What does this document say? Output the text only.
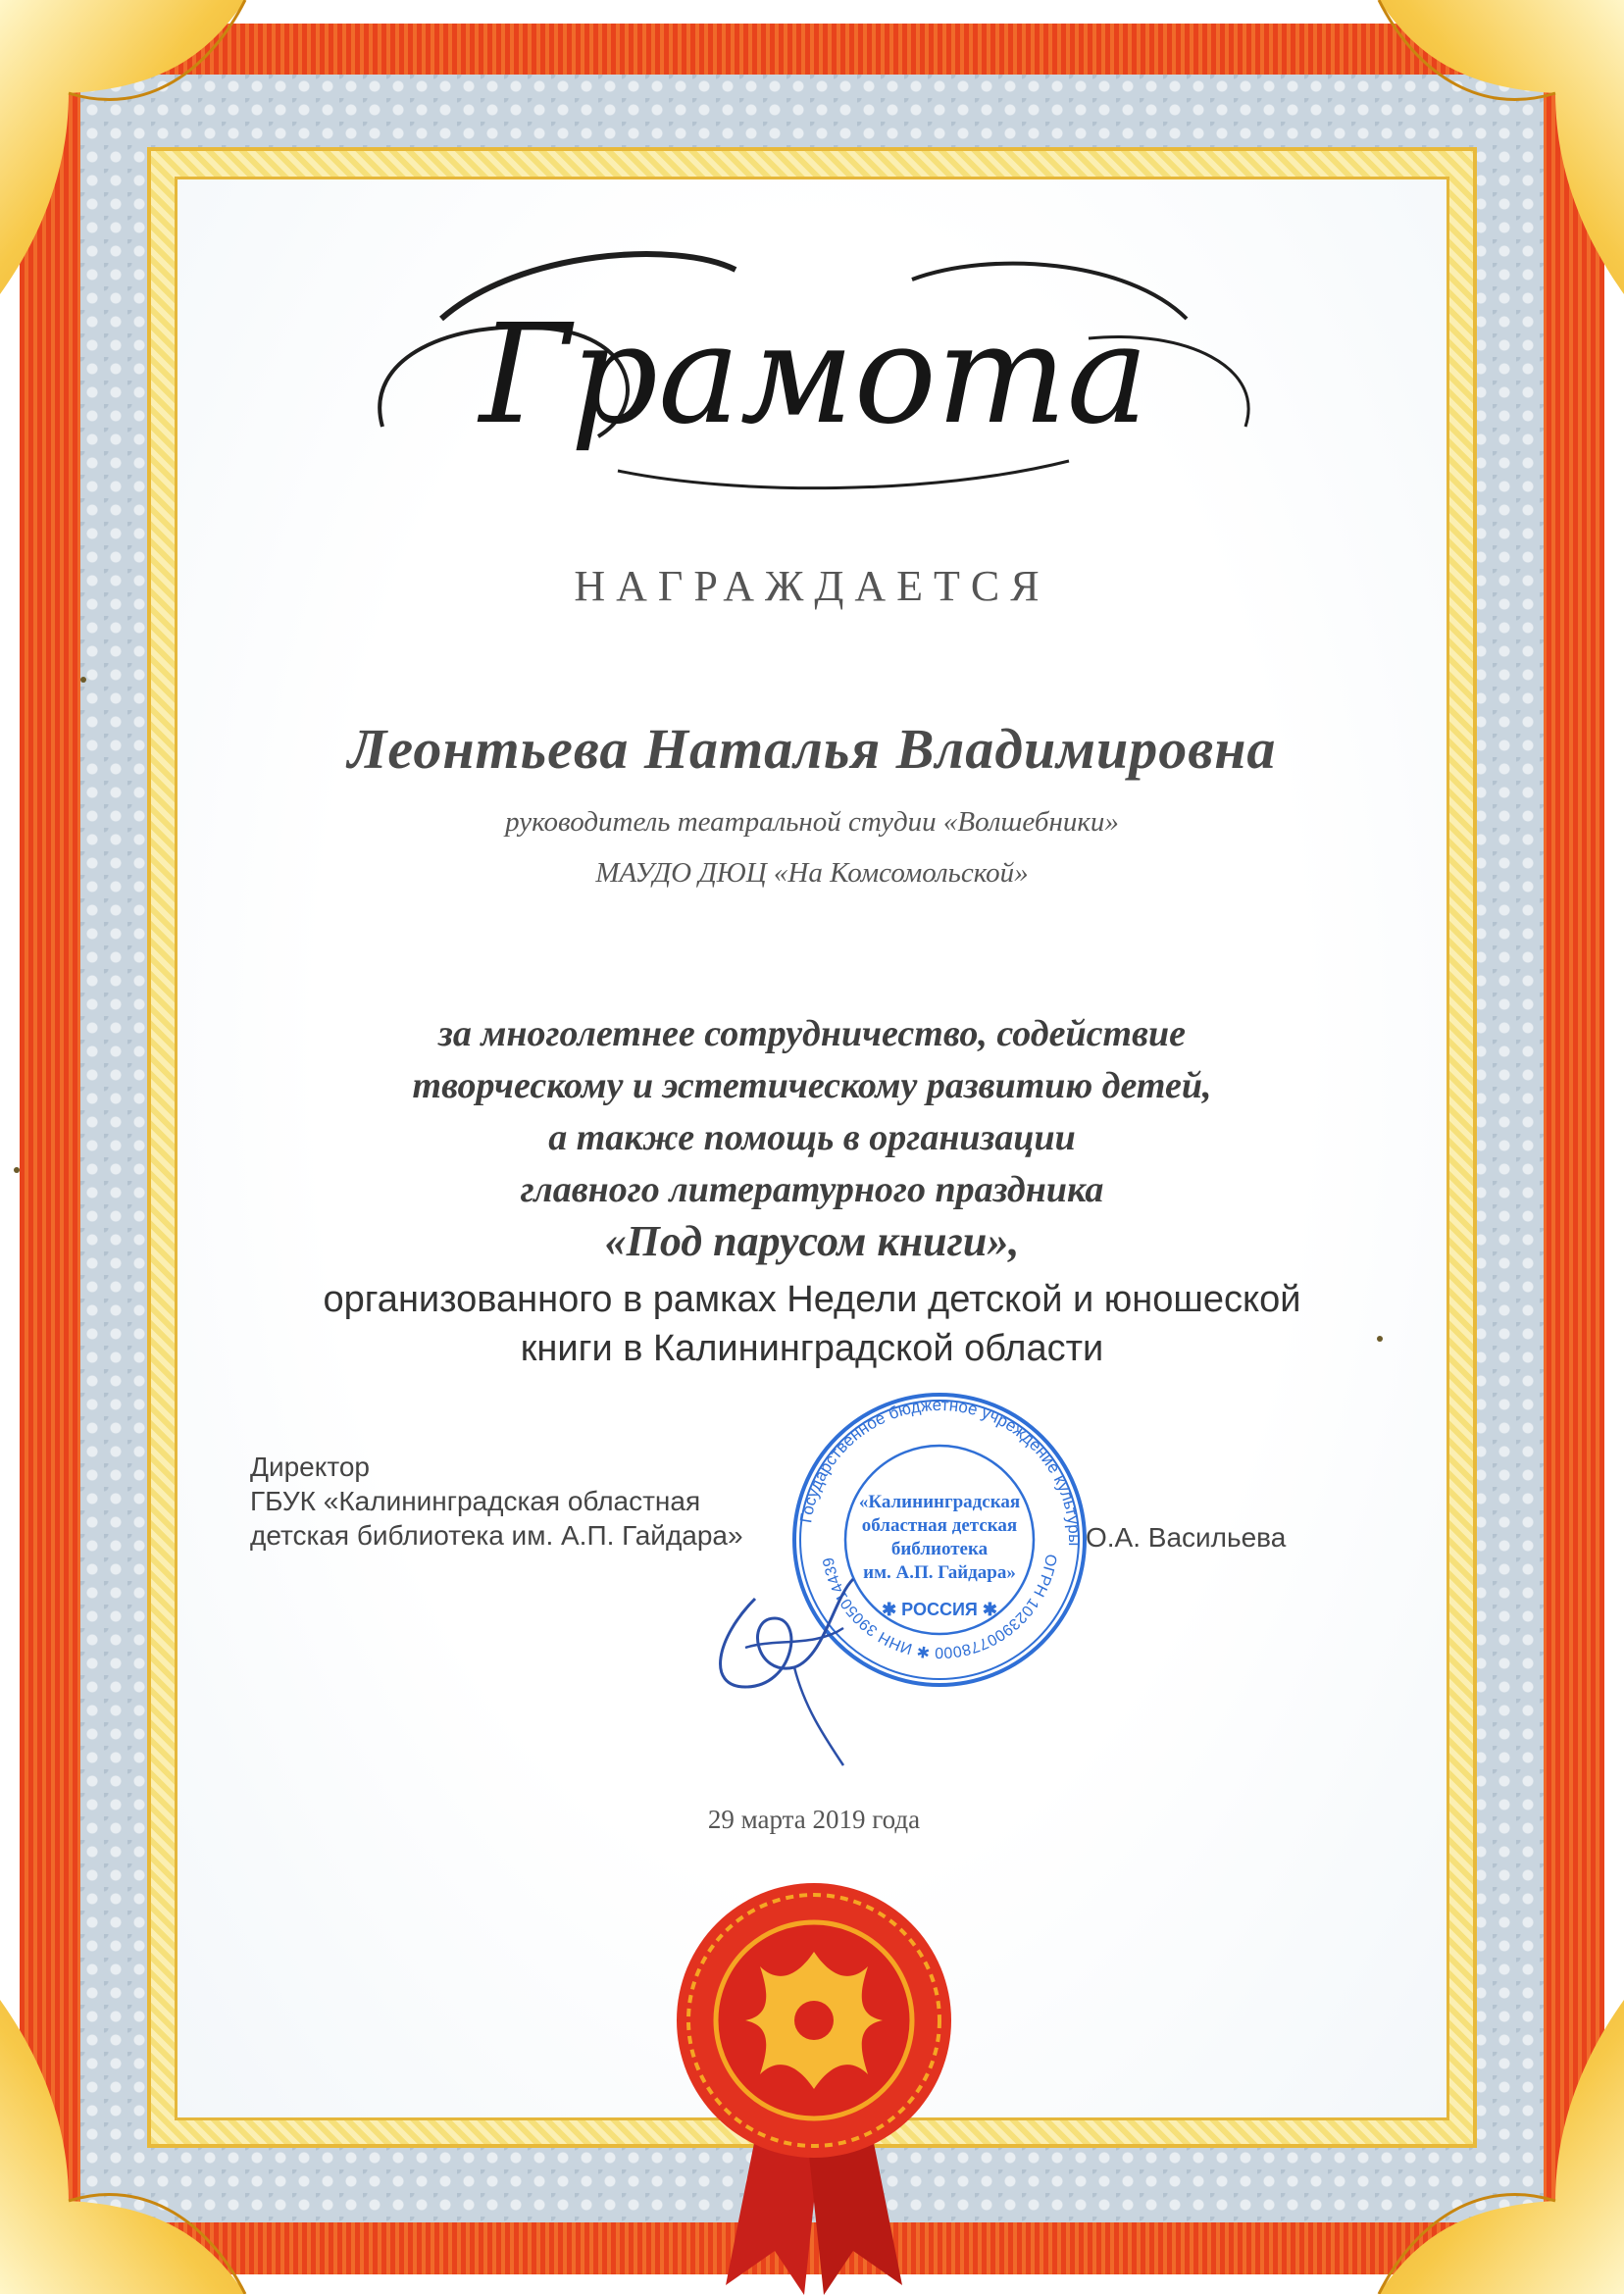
Грамота
НАГРАЖДАЕТСЯ
Леонтьева Наталья Владимировна
руководитель театральной студии «Волшебники»
МАУДО ДЮЦ «На Комсомольской»
за многолетнее сотрудничество, содействие
творческому и эстетическому развитию детей,
а также помощь в организации
главного литературного праздника
«Под парусом книги»,
организованного в рамках Недели детской и юношеской
книги в Калининградской области
Директор
ГБУК «Калининградская областная
детская библиотека им. А.П. Гайдара»	О.А. Васильева
Государственное бюджетное учреждение культуры
ОГРН 1023900778000 ✱ ИНН 3905014439
«Калининградская
областная детская
библиотека
им. А.П. Гайдара»
✱ РОССИЯ ✱
29 марта 2019 года
